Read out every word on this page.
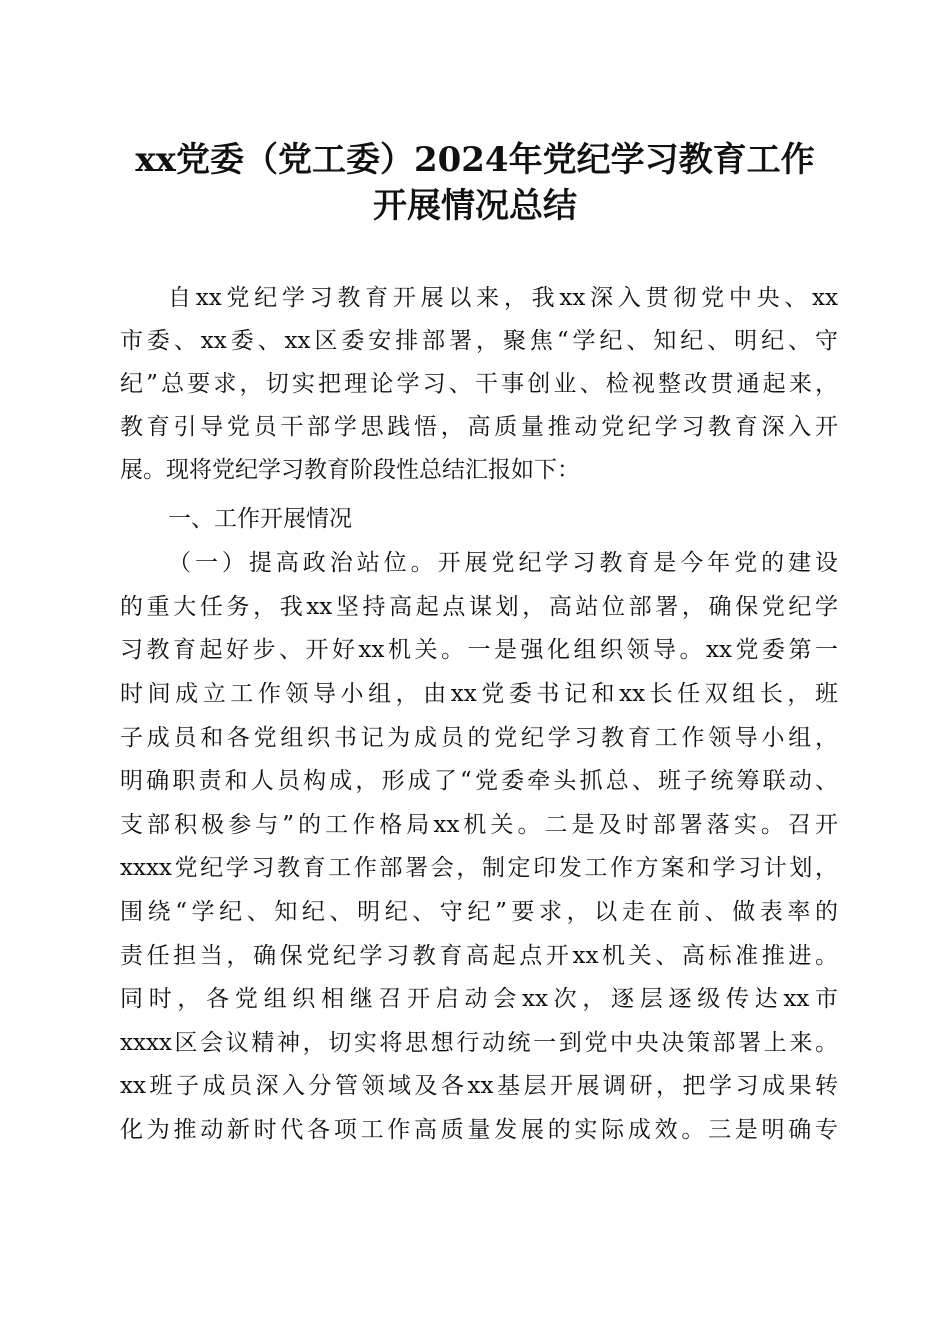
xx党委（党工委）2024年党纪学习教育工作
开展情况总结
自xx党纪学习教育开展以来，我xx深入贯彻党中央、xx
市委、xx委、xx区委安排部署，聚焦“学纪、知纪、明纪、守
纪”总要求，切实把理论学习、干事创业、检视整改贯通起来，
教育引导党员干部学思践悟，高质量推动党纪学习教育深入开
展。现将党纪学习教育阶段性总结汇报如下：
一、工作开展情况
（一）提高政治站位。开展党纪学习教育是今年党的建设
的重大任务，我xx坚持高起点谋划，高站位部署，确保党纪学
习教育起好步、开好xx机关。一是强化组织领导。xx党委第一
时间成立工作领导小组，由xx党委书记和xx长任双组长，班
子成员和各党组织书记为成员的党纪学习教育工作领导小组，
明确职责和人员构成，形成了“党委牵头抓总、班子统筹联动、
支部积极参与”的工作格局xx机关。二是及时部署落实。召开
xxxx党纪学习教育工作部署会，制定印发工作方案和学习计划，
围绕“学纪、知纪、明纪、守纪”要求，以走在前、做表率的
责任担当，确保党纪学习教育高起点开xx机关、高标准推进。
同时，各党组织相继召开启动会xx次，逐层逐级传达xx市
xxxx区会议精神，切实将思想行动统一到党中央决策部署上来。
xx班子成员深入分管领域及各xx基层开展调研，把学习成果转
化为推动新时代各项工作高质量发展的实际成效。三是明确专
